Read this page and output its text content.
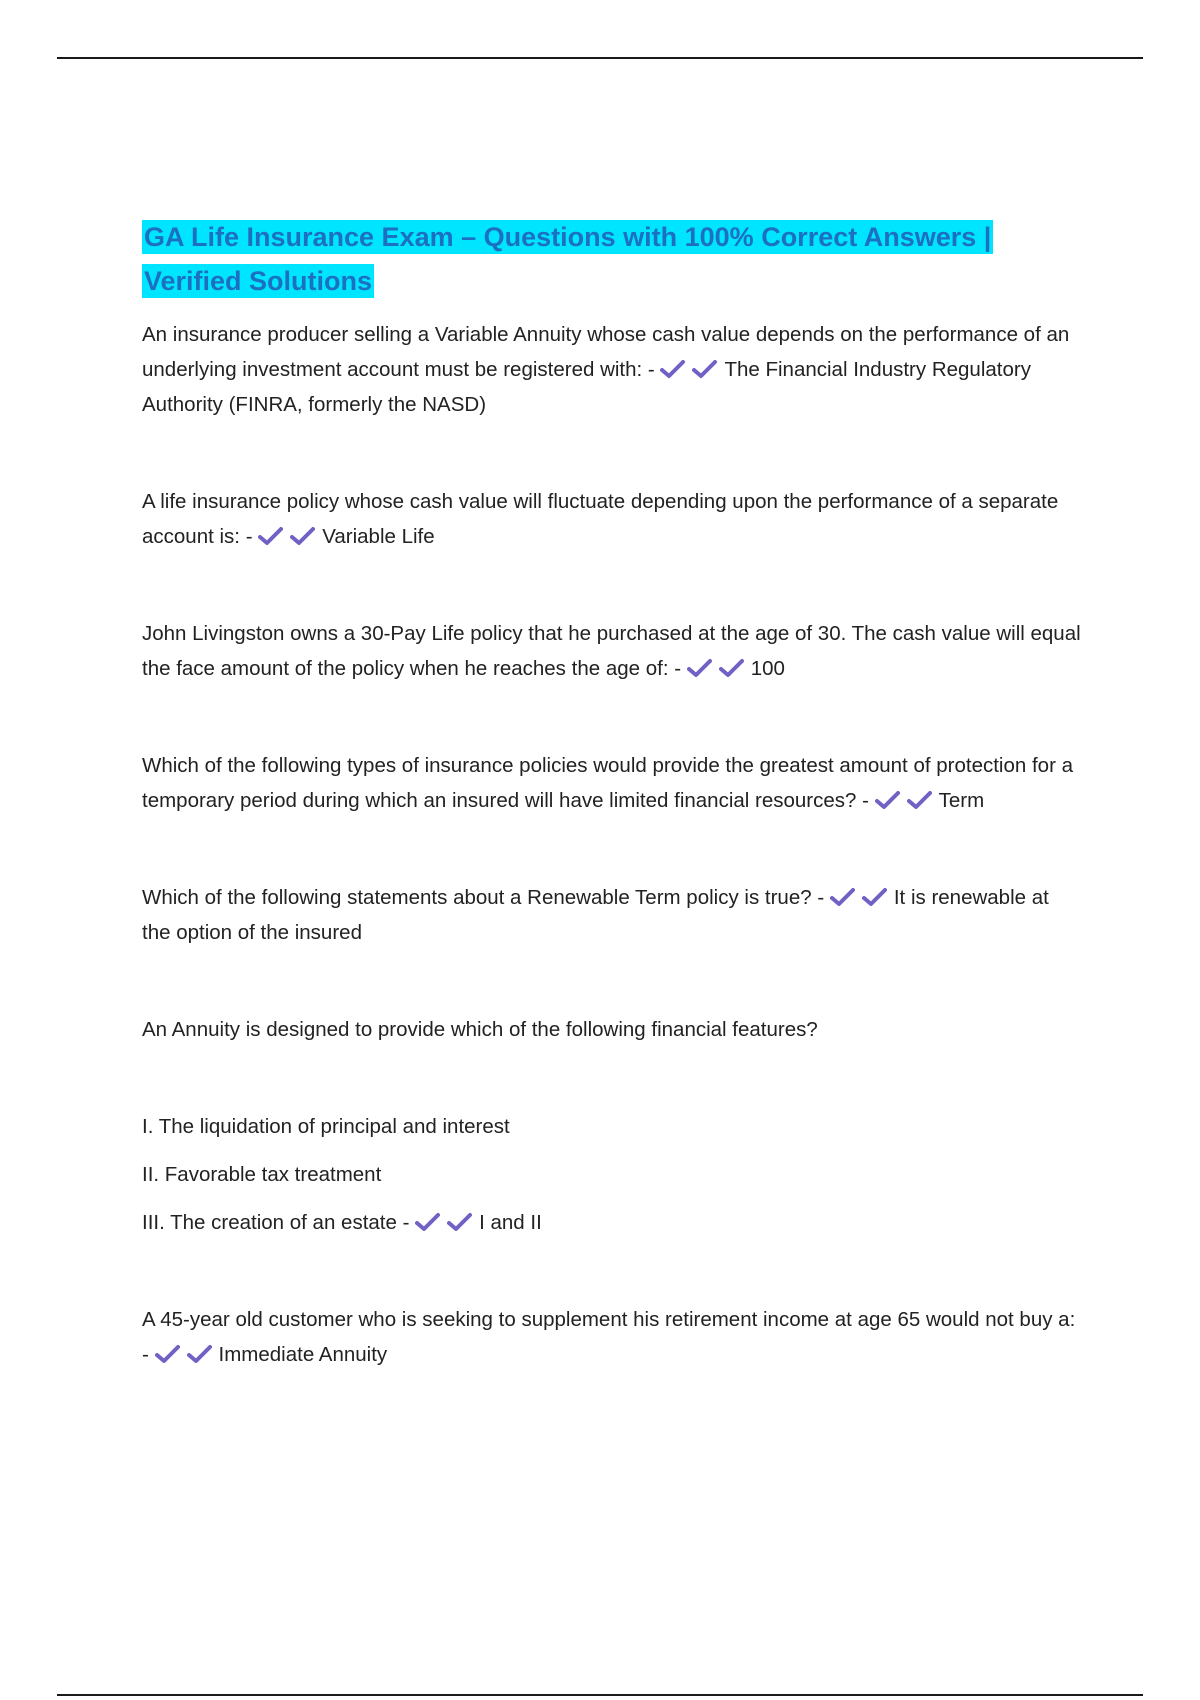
GA Life Insurance Exam – Questions with 100% Correct Answers | Verified Solutions

An insurance producer selling a Variable Annuity whose cash value depends on the performance of an underlying investment account must be registered with: -	The Financial Industry Regulatory Authority (FINRA, formerly the NASD)

A life insurance policy whose cash value will fluctuate depending upon the performance of a separate account is: -	Variable Life

John Livingston owns a 30-Pay Life policy that he purchased at the age of 30. The cash value will equal the face amount of the policy when he reaches the age of: -	100

Which of the following types of insurance policies would provide the greatest amount of protection for a temporary period during which an insured will have limited financial resources? -	Term

Which of the following statements about a Renewable Term policy is true? -	It is renewable at the option of the insured

An Annuity is designed to provide which of the following financial features?

I. The liquidation of principal and interest

II. Favorable tax treatment

III. The creation of an estate -	I and II

A 45-year old customer who is seeking to supplement his retirement income at age 65 would not buy a: -	Immediate Annuity
